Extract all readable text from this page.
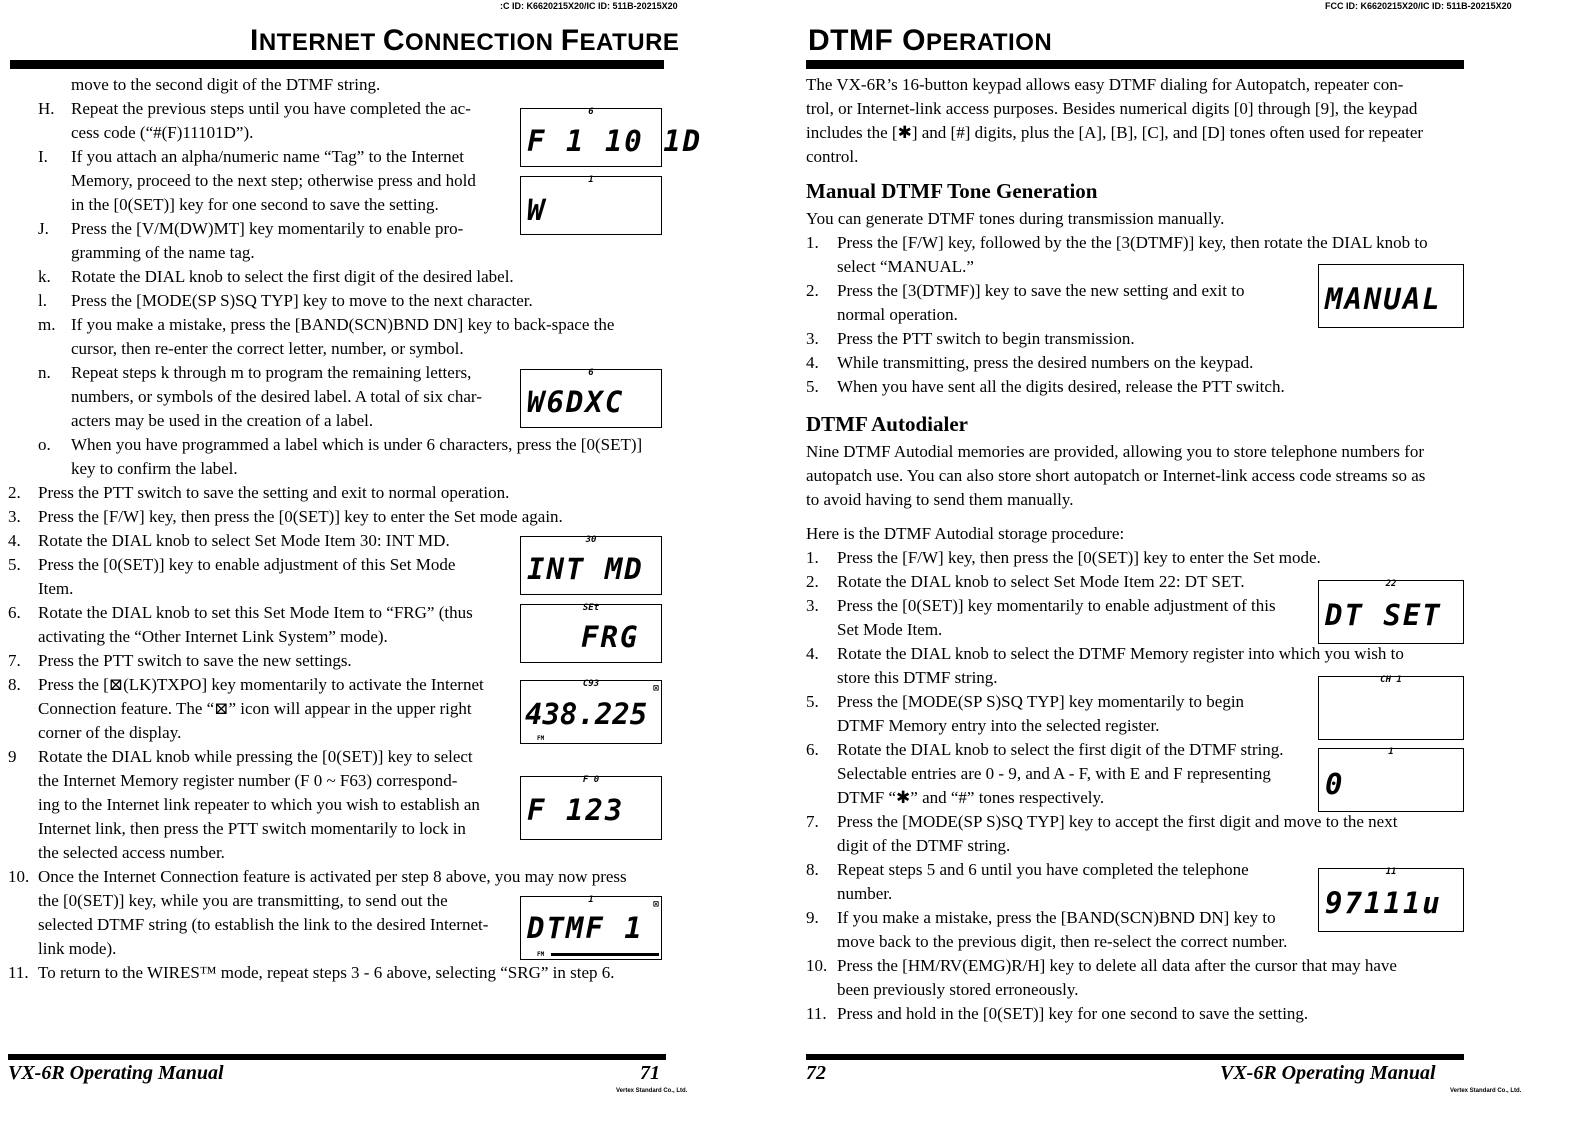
:C ID: K6620215X20/IC ID: 511B-20215X20
INTERNET CONNECTION FEATURE
move to the second digit of the DTMF string.
H. Repeat the previous steps until you have completed the ac-
cess code (“#(F)11101D”).
I. If you attach an alpha/numeric name “Tag” to the Internet
Memory, proceed to the next step; otherwise press and hold
in the [0(SET)] key for one second to save the setting.
J. Press the [V/M(DW)MT] key momentarily to enable pro-
gramming of the name tag.
k. Rotate the DIAL knob to select the first digit of the desired label.
l. Press the [MODE(SP S)SQ TYP] key to move to the next character.
m. If you make a mistake, press the [BAND(SCN)BND DN] key to back-space the
cursor, then re-enter the correct letter, number, or symbol.
n. Repeat steps k through m to program the remaining letters,
numbers, or symbols of the desired label. A total of six char-
acters may be used in the creation of a label.
o. When you have programmed a label which is under 6 characters, press the [0(SET)]
key to confirm the label.
2. Press the PTT switch to save the setting and exit to normal operation.
3. Press the [F/W] key, then press the [0(SET)] key to enter the Set mode again.
4. Rotate the DIAL knob to select Set Mode Item 30: INT MD.
5. Press the [0(SET)] key to enable adjustment of this Set Mode
Item.
6. Rotate the DIAL knob to set this Set Mode Item to “FRG” (thus
activating the “Other Internet Link System” mode).
7. Press the PTT switch to save the new settings.
8. Press the [⊠(LK)TXPO] key momentarily to activate the Internet
Connection feature. The “⊠” icon will appear in the upper right
corner of the display.
9 Rotate the DIAL knob while pressing the [0(SET)] key to select
the Internet Memory register number (F 0 ~ F63) correspond-
ing to the Internet link repeater to which you wish to establish an
Internet link, then press the PTT switch momentarily to lock in
the selected access number.
10. Once the Internet Connection feature is activated per step 8 above, you may now press
the [0(SET)] key, while you are transmitting, to send out the
selected DTMF string (to establish the link to the desired Internet-
link mode).
11. To return to the WIRES™ mode, repeat steps 3 - 6 above, selecting “SRG” in step 6.
6
F 1 10 1D
1
W
6
W6DXC
30
INT MD
SEt
FRG
C93
438.225
⊠
FM
F 0
F 123
1
DTMF 1
⊠
FM
VX-6R Operating Manual	71
Vertex Standard Co., Ltd.
FCC ID: K6620215X20/IC ID: 511B-20215X20
DTMF OPERATION
The VX-6R’s 16-button keypad allows easy DTMF dialing for Autopatch, repeater con-
trol, or Internet-link access purposes. Besides numerical digits [0] through [9], the keypad
includes the [✱] and [#] digits, plus the [A], [B], [C], and [D] tones often used for repeater
control.
Manual DTMF Tone Generation
You can generate DTMF tones during transmission manually.
1. Press the [F/W] key, followed by the the [3(DTMF)] key, then rotate the DIAL knob to
select “MANUAL.”
2. Press the [3(DTMF)] key to save the new setting and exit to
normal operation.
3. Press the PTT switch to begin transmission.
4. While transmitting, press the desired numbers on the keypad.
5. When you have sent all the digits desired, release the PTT switch.
DTMF Autodialer
Nine DTMF Autodial memories are provided, allowing you to store telephone numbers for
autopatch use. You can also store short autopatch or Internet-link access code streams so as
to avoid having to send them manually.
Here is the DTMF Autodial storage procedure:
1. Press the [F/W] key, then press the [0(SET)] key to enter the Set mode.
2. Rotate the DIAL knob to select Set Mode Item 22: DT SET.
3. Press the [0(SET)] key momentarily to enable adjustment of this
Set Mode Item.
4. Rotate the DIAL knob to select the DTMF Memory register into which you wish to
store this DTMF string.
5. Press the [MODE(SP S)SQ TYP] key momentarily to begin
DTMF Memory entry into the selected register.
6. Rotate the DIAL knob to select the first digit of the DTMF string.
Selectable entries are 0 - 9, and A - F, with E and F representing
DTMF “✱” and “#” tones respectively.
7. Press the [MODE(SP S)SQ TYP] key to accept the first digit and move to the next
digit of the DTMF string.
8. Repeat steps 5 and 6 until you have completed the telephone
number.
9. If you make a mistake, press the [BAND(SCN)BND DN] key to
move back to the previous digit, then re-select the correct number.
10. Press the [HM/RV(EMG)R/H] key to delete all data after the cursor that may have
been previously stored erroneously.
11. Press and hold in the [0(SET)] key for one second to save the setting.
MANUAL
22
DT SET
CH 1
1
0
11
97111u
72	VX-6R Operating Manual
Vertex Standard Co., Ltd.
